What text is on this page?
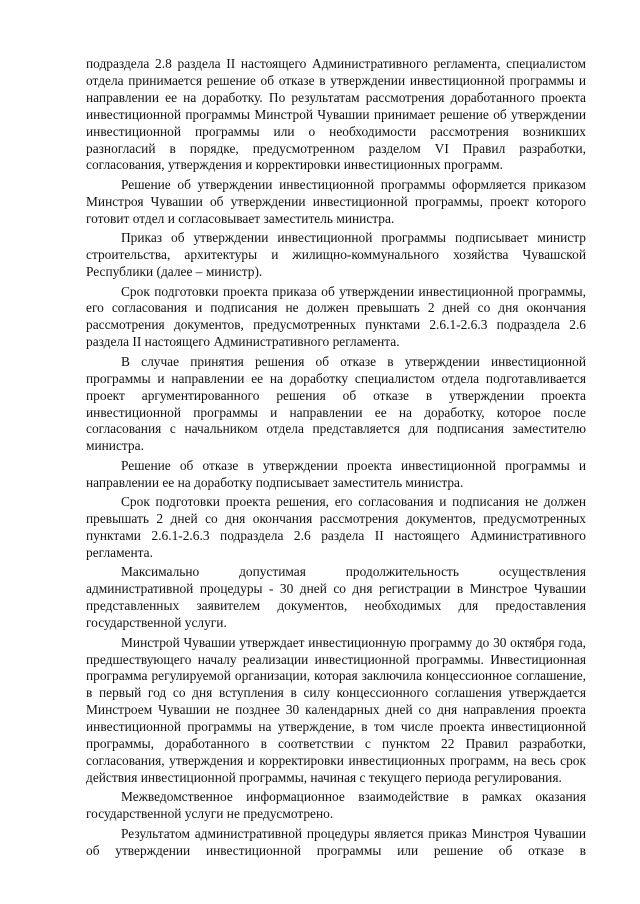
подраздела 2.8 раздела II настоящего Административного регламента, специалистом отдела принимается решение об отказе в утверждении инвестиционной программы и направлении ее на доработку. По результатам рассмотрения доработанного проекта инвестиционной программы Минстрой Чувашии принимает решение об утверждении инвестиционной программы или о необходимости рассмотрения возникших разногласий в порядке, предусмотренном разделом VI Правил разработки, согласования, утверждения и корректировки инвестиционных программ.

Решение об утверждении инвестиционной программы оформляется приказом Минстроя Чувашии об утверждении инвестиционной программы, проект которого готовит отдел и согласовывает заместитель министра.

Приказ об утверждении инвестиционной программы подписывает министр строительства, архитектуры и жилищно-коммунального хозяйства Чувашской Республики (далее – министр).

Срок подготовки проекта приказа об утверждении инвестиционной программы, его согласования и подписания не должен превышать 2 дней со дня окончания рассмотрения документов, предусмотренных пунктами 2.6.1-2.6.3 подраздела 2.6 раздела II настоящего Административного регламента.

В случае принятия решения об отказе в утверждении инвестиционной программы и направлении ее на доработку специалистом отдела подготавливается проект аргументированного решения об отказе в утверждении проекта инвестиционной программы и направлении ее на доработку, которое после согласования с начальником отдела представляется для подписания заместителю министра.

Решение об отказе в утверждении проекта инвестиционной программы и направлении ее на доработку подписывает заместитель министра.

Срок подготовки проекта решения, его согласования и подписания не должен превышать 2 дней со дня окончания рассмотрения документов, предусмотренных пунктами 2.6.1-2.6.3 подраздела 2.6 раздела II настоящего Административного регламента.

Максимально допустимая продолжительность осуществления административной процедуры - 30 дней со дня регистрации в Минстрое Чувашии представленных заявителем документов, необходимых для предоставления государственной услуги.

Минстрой Чувашии утверждает инвестиционную программу до 30 октября года, предшествующего началу реализации инвестиционной программы. Инвестиционная программа регулируемой организации, которая заключила концессионное соглашение, в первый год со дня вступления в силу концессионного соглашения утверждается Минстроем Чувашии не позднее 30 календарных дней со дня направления проекта инвестиционной программы на утверждение, в том числе проекта инвестиционной программы, доработанного в соответствии с пунктом 22 Правил разработки, согласования, утверждения и корректировки инвестиционных программ, на весь срок действия инвестиционной программы, начиная с текущего периода регулирования.

Межведомственное информационное взаимодействие в рамках оказания государственной услуги не предусмотрено.

Результатом административной процедуры является приказ Минстроя Чувашии об утверждении инвестиционной программы или решение об отказе в
